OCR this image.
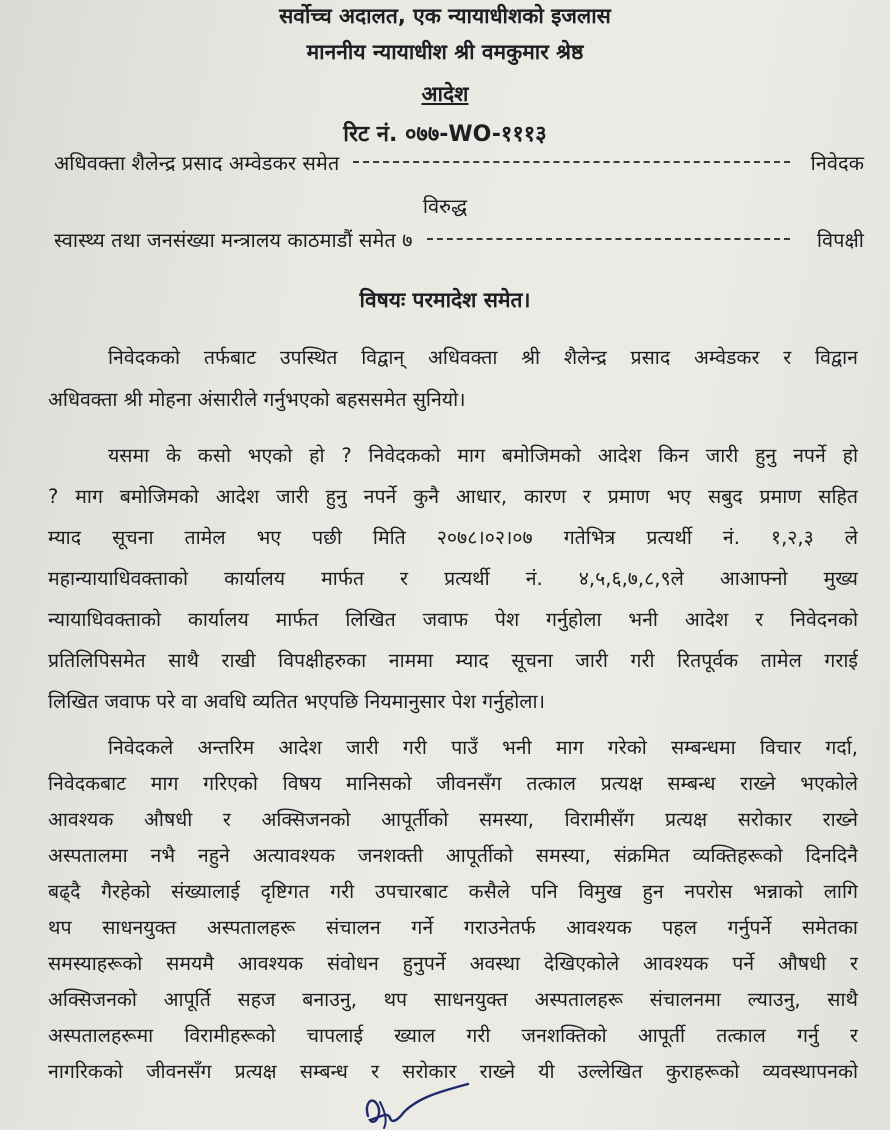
सर्वोच्च अदालत, एक न्यायाधीशको इजलास
माननीय न्यायाधीश श्री वमकुमार श्रेष्ठ
आदेश
रिट नं. ०७७-WO-१११३
अधिवक्ता शैलेन्द्र प्रसाद अम्वेडकर समेत	निवेदक
विरुद्ध
स्वास्थ्य तथा जनसंख्या मन्त्रालय काठमाडौं समेत ७	विपक्षी
विषयः परमादेश समेत।
निवेदकको तर्फबाट उपस्थित विद्वान् अधिवक्ता श्री शैलेन्द्र प्रसाद अम्वेडकर र विद्वान
अधिवक्ता श्री मोहना अंसारीले गर्नुभएको बहससमेत सुनियो।
यसमा के कसो भएको हो ? निवेदकको माग बमोजिमको आदेश किन जारी हुनु नपर्ने हो
? माग बमोजिमको आदेश जारी हुनु नपर्ने कुनै आधार, कारण र प्रमाण भए सबुद प्रमाण सहित
म्याद सूचना तामेल भए पछी मिति २०७८।०२।०७ गतेभित्र प्रत्यर्थी नं. १,२,३ ले
महान्यायाधिवक्ताको कार्यालय मार्फत र प्रत्यर्थी नं. ४,५,६,७,८,९ले आआफ्नो मुख्य
न्यायाधिवक्ताको कार्यालय मार्फत लिखित जवाफ पेश गर्नुहोला भनी आदेश र निवेदनको
प्रतिलिपिसमेत साथै राखी विपक्षीहरुका नाममा म्याद सूचना जारी गरी रितपूर्वक तामेल गराई
लिखित जवाफ परे वा अवधि व्यतित भएपछि नियमानुसार पेश गर्नुहोला।
निवेदकले अन्तरिम आदेश जारी गरी पाउँ भनी माग गरेको सम्बन्धमा विचार गर्दा,
निवेदकबाट माग गरिएको विषय मानिसको जीवनसँग तत्काल प्रत्यक्ष सम्बन्ध राख्ने भएकोले
आवश्यक औषधी र अक्सिजनको आपूर्तीको समस्या, विरामीसँग प्रत्यक्ष सरोकार राख्ने
अस्पतालमा नभै नहुने अत्यावश्यक जनशक्ती आपूर्तीको समस्या, संक्रमित व्यक्तिहरूको दिनदिनै
बढ्दै गैरहेको संख्यालाई दृष्टिगत गरी उपचारबाट कसैले पनि विमुख हुन नपरोस भन्नाको लागि
थप साधनयुक्त अस्पतालहरू संचालन गर्ने गराउनेतर्फ आवश्यक पहल गर्नुपर्ने समेतका
समस्याहरूको समयमै आवश्यक संवोधन हुनुपर्ने अवस्था देखिएकोले आवश्यक पर्ने औषधी र
अक्सिजनको आपूर्ति सहज बनाउनु, थप साधनयुक्त अस्पतालहरू संचालनमा ल्याउनु, साथै
अस्पतालहरूमा विरामीहरूको चापलाई ख्याल गरी जनशक्तिको आपूर्ती तत्काल गर्नु र
नागरिकको जीवनसँग प्रत्यक्ष सम्बन्ध र सरोकार राख्ने यी उल्लेखित कुराहरूको व्यवस्थापनको
